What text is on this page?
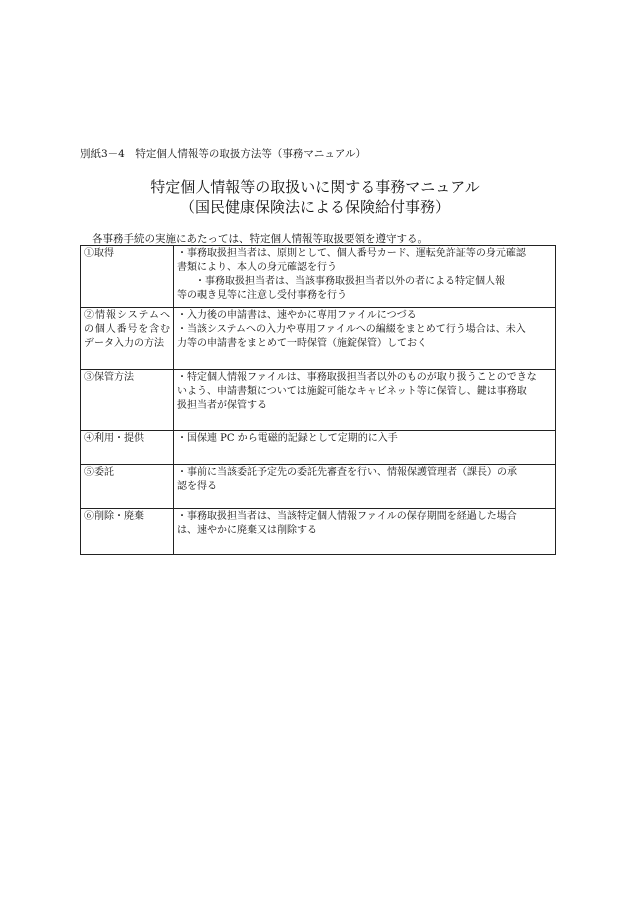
別紙3－4　特定個人情報等の取扱方法等（事務マニュアル）
特定個人情報等の取扱いに関する事務マニュアル
（国民健康保険法による保険給付事務）
各事務手続の実施にあたっては、特定個人情報等取扱要領を遵守する。
①取得	・事務取扱担当者は、原則として、個人番号カード、運転免許証等の身元確認
書類により、本人の身元確認を行う
・事務取扱担当者は、当該事務取扱担当者以外の者による特定個人報
等の覗き見等に注意し受付事務を行う

②情報システムへの個人番号を含むデータ入力の方法	・入力後の申請書は、速やかに専用ファイルにつづる
・当該システムへの入力や専用ファイルへの編綴をまとめて行う場合は、未入
力等の申請書をまとめて一時保管（施錠保管）しておく

③保管方法	・特定個人情報ファイルは、事務取扱担当者以外のものが取り扱うことのできな
いよう、申請書類については施錠可能なキャビネット等に保管し、鍵は事務取
扱担当者が保管する

④利用・提供	・国保連 PC から電磁的記録として定期的に入手

⑤委託	・事前に当該委託予定先の委託先審査を行い、情報保護管理者（課長）の承
認を得る

⑥削除・廃棄	・事務取扱担当者は、当該特定個人情報ファイルの保存期間を経過した場合
は、速やかに廃棄又は削除する
